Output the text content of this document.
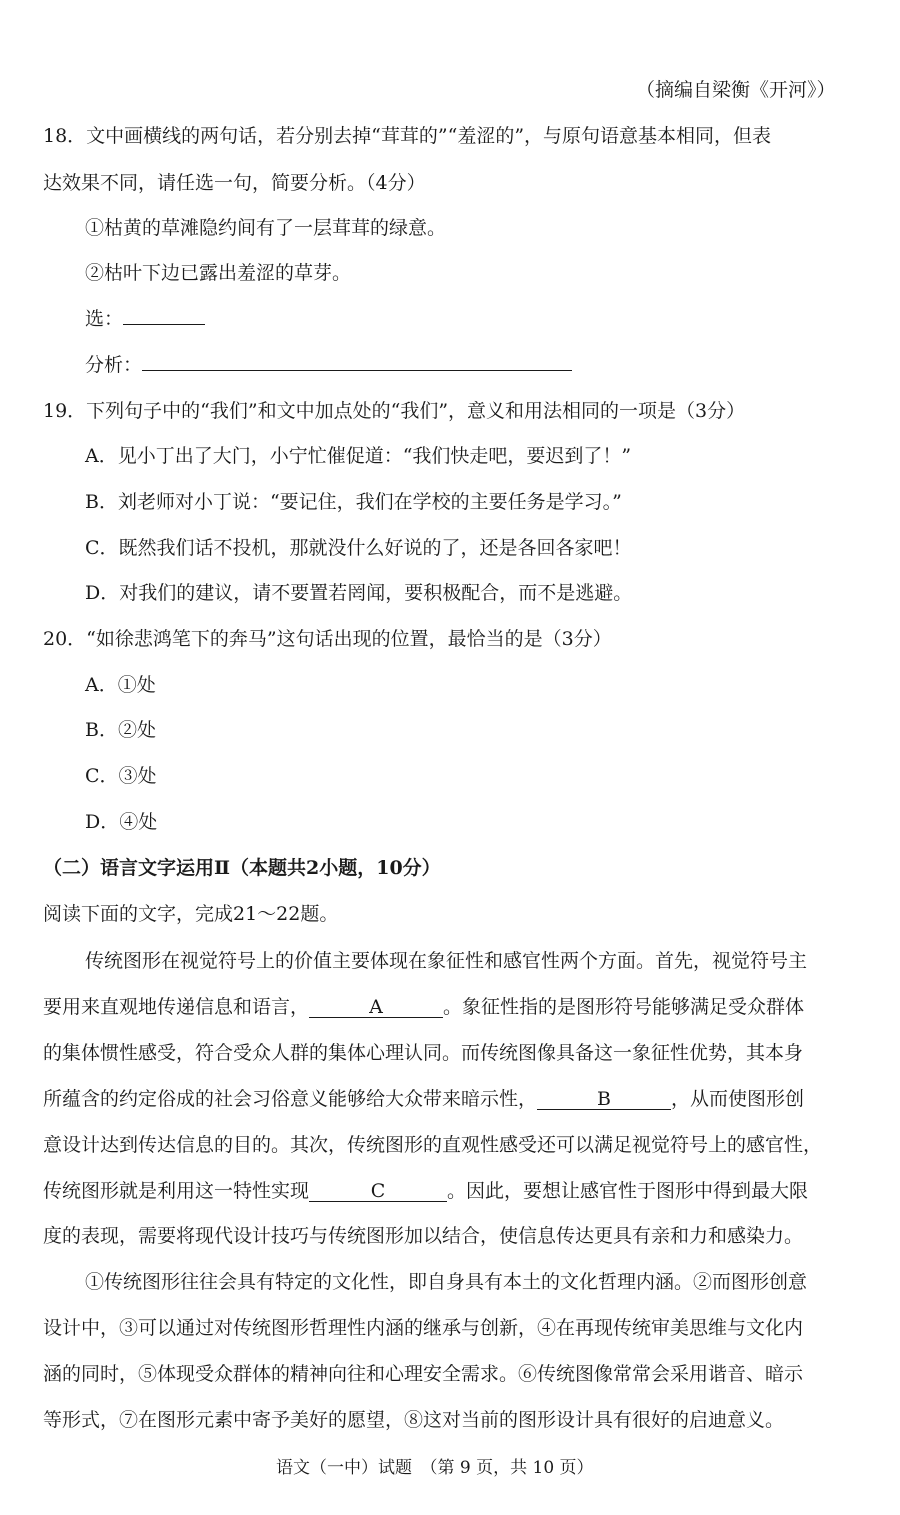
（摘编自梁衡《开河》）
18．文中画横线的两句话，若分别去掉“茸茸的”“羞涩的”，与原句语意基本相同，但表
达效果不同，请任选一句，简要分析。（4分）
①枯黄的草滩隐约间有了一层茸茸的绿意。
②枯叶下边已露出羞涩的草芽。
选：
分析：
19．下列句子中的“我们”和文中加点处的“我们”，意义和用法相同的一项是（3分）
A．见小丁出了大门，小宁忙催促道：“我们快走吧，要迟到了！”
B．刘老师对小丁说：“要记住，我们在学校的主要任务是学习。”
C．既然我们话不投机，那就没什么好说的了，还是各回各家吧！
D．对我们的建议，请不要置若罔闻，要积极配合，而不是逃避。
20．“如徐悲鸿笔下的奔马”这句话出现的位置，最恰当的是（3分）
A．①处
B．②处
C．③处
D．④处
（二）语言文字运用Ⅱ（本题共2小题，10分）
阅读下面的文字，完成21～22题。
传统图形在视觉符号上的价值主要体现在象征性和感官性两个方面。首先，视觉符号主
要用来直观地传递信息和语言，	A	。象征性指的是图形符号能够满足受众群体
的集体惯性感受，符合受众人群的集体心理认同。而传统图像具备这一象征性优势，其本身
所蕴含的约定俗成的社会习俗意义能够给大众带来暗示性，	B	，从而使图形创
意设计达到传达信息的目的。其次，传统图形的直观性感受还可以满足视觉符号上的感官性，
传统图形就是利用这一特性实现	C	。因此，要想让感官性于图形中得到最大限
度的表现，需要将现代设计技巧与传统图形加以结合，使信息传达更具有亲和力和感染力。
①传统图形往往会具有特定的文化性，即自身具有本土的文化哲理内涵。②而图形创意
设计中，③可以通过对传统图形哲理性内涵的继承与创新，④在再现传统审美思维与文化内
涵的同时，⑤体现受众群体的精神向往和心理安全需求。⑥传统图像常常会采用谐音、暗示
等形式，⑦在图形元素中寄予美好的愿望，⑧这对当前的图形设计具有很好的启迪意义。
语文（一中）试题　（第 9 页，共 10 页）
